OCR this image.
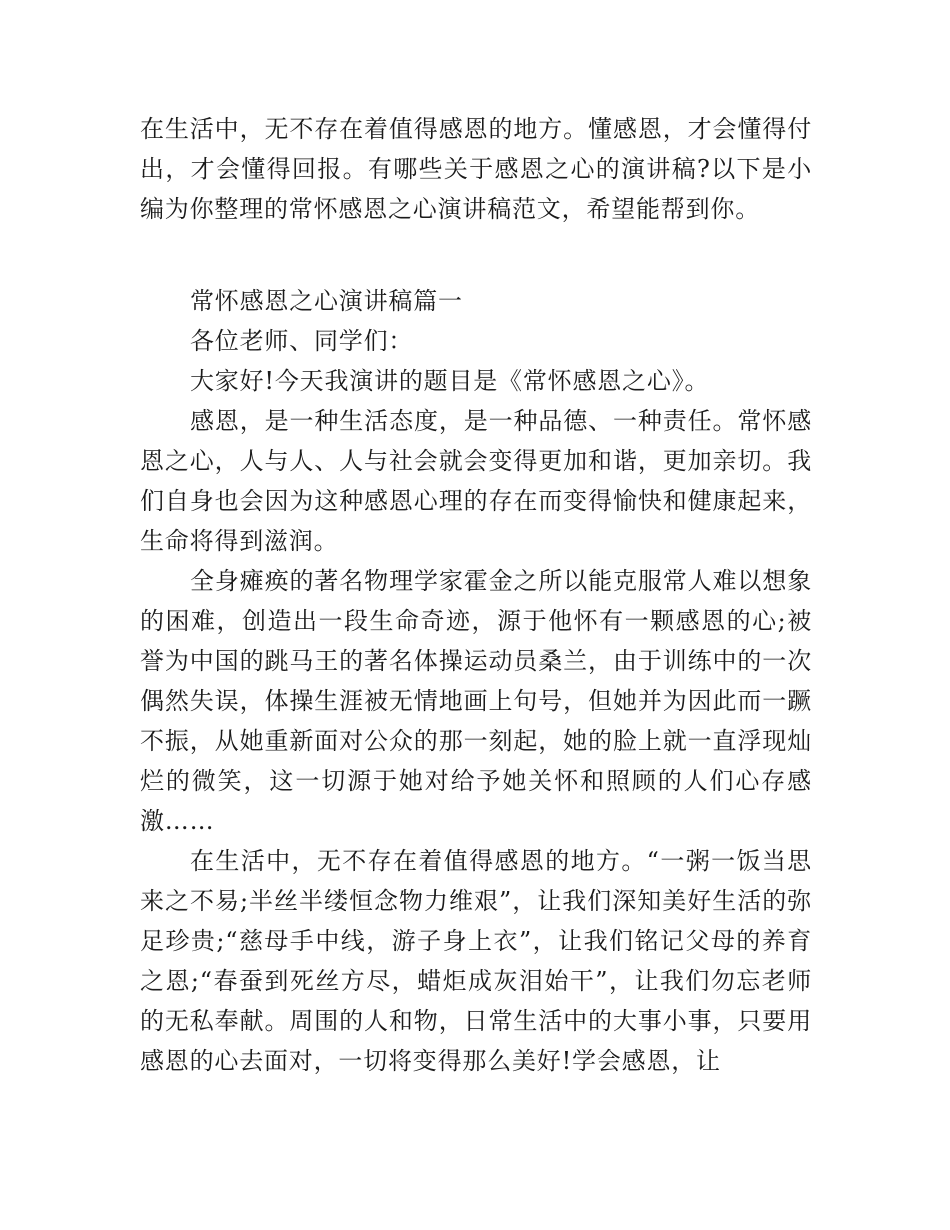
在生活中，无不存在着值得感恩的地方。懂感恩，才会懂得付出，才会懂得回报。有哪些关于感恩之心的演讲稿?以下是小编为你整理的常怀感恩之心演讲稿范文，希望能帮到你。

常怀感恩之心演讲稿篇一

各位老师、同学们：

大家好!今天我演讲的题目是《常怀感恩之心》。

感恩，是一种生活态度，是一种品德、一种责任。常怀感恩之心，人与人、人与社会就会变得更加和谐，更加亲切。我们自身也会因为这种感恩心理的存在而变得愉快和健康起来，生命将得到滋润。

全身瘫痪的著名物理学家霍金之所以能克服常人难以想象的困难，创造出一段生命奇迹，源于他怀有一颗感恩的心;被誉为中国的跳马王的著名体操运动员桑兰，由于训练中的一次偶然失误，体操生涯被无情地画上句号，但她并为因此而一蹶不振，从她重新面对公众的那一刻起，她的脸上就一直浮现灿烂的微笑，这一切源于她对给予她关怀和照顾的人们心存感激……

在生活中，无不存在着值得感恩的地方。“一粥一饭当思来之不易;半丝半缕恒念物力维艰”，让我们深知美好生活的弥足珍贵;“慈母手中线，游子身上衣”，让我们铭记父母的养育之恩;“春蚕到死丝方尽，蜡炬成灰泪始干”，让我们勿忘老师的无私奉献。周围的人和物，日常生活中的大事小事，只要用感恩的心去面对，一切将变得那么美好!学会感恩，让
